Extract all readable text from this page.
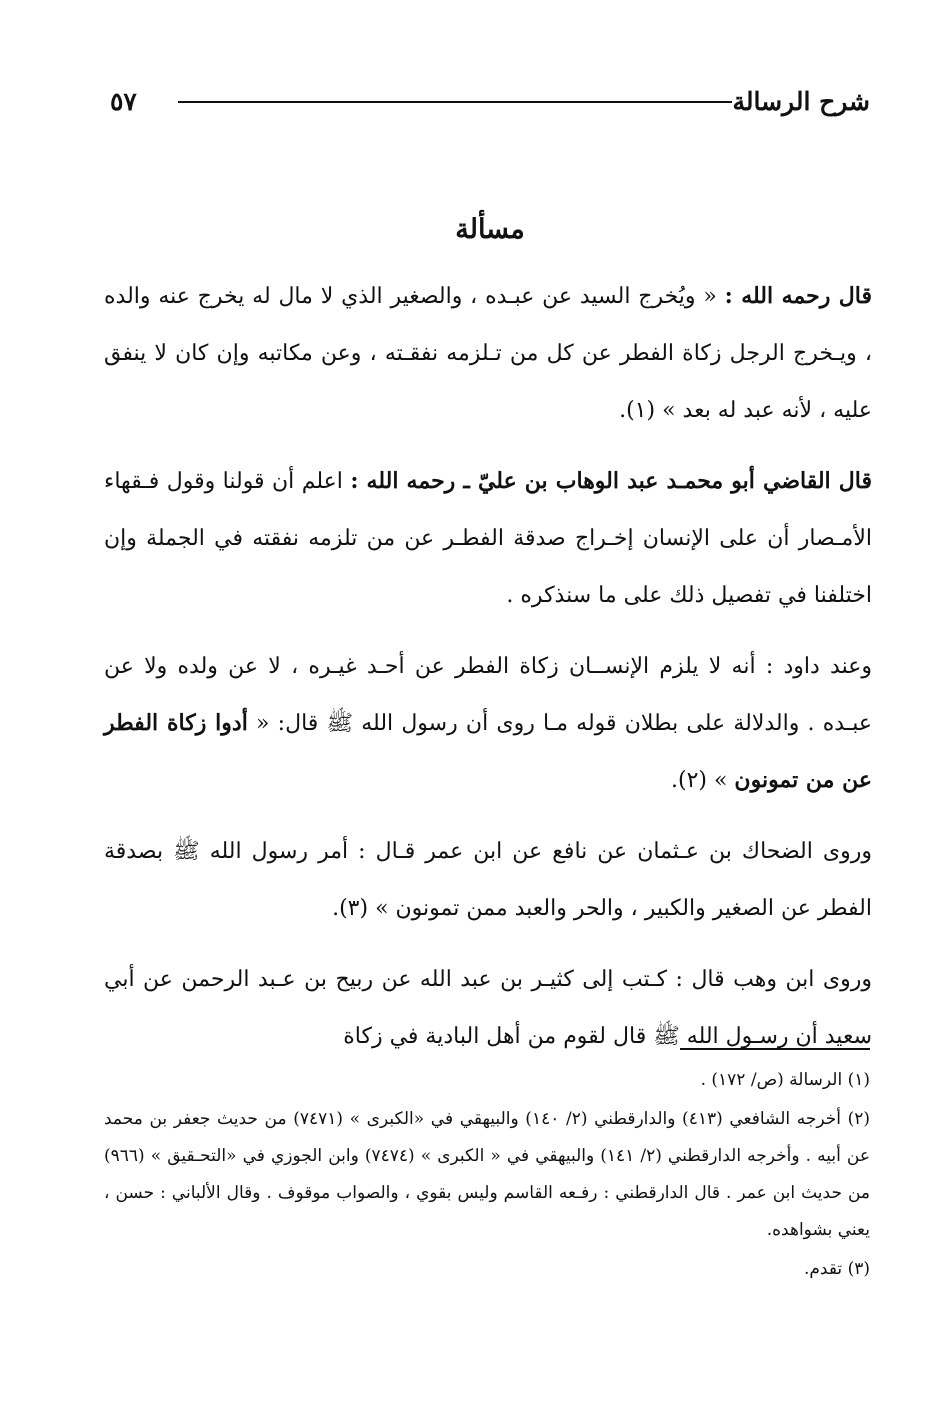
شرح الرسالة
٥٧
مسألة

قال رحمه الله : « ويُخرج السيد عن عبـده ، والصغير الذي لا مال له يخرج عنه والده ، ويـخرج الرجل زكاة الفطر عن كل من تـلزمه نفقـته ، وعن مكاتبه وإن كان لا ينفق عليه ، لأنه عبد له بعد » (١).

قال القاضي أبو محمـد عبد الوهاب بن عليّ ـ رحمه الله : اعلم أن قولنا وقول فـقهاء الأمـصار أن على الإنسان إخـراج صدقة الفطـر عن من تلزمه نفقته في الجملة وإن اختلفنا في تفصيل ذلك على ما سنذكره .

وعند داود : أنه لا يلزم الإنســان زكاة الفطر عن أحـد غيـره ، لا عن ولده ولا عن عبـده . والدلالة على بطلان قوله مـا روى أن رسول الله ﷺ قال: « أدوا زكاة الفطر عن من تمونون » (٢).

وروى الضحاك بن عـثمان عن نافع عن ابن عمر قـال : أمر رسول الله ﷺ بصدقة الفطر عن الصغير والكبير ، والحر والعبد ممن تمونون » (٣).

وروى ابن وهب قال : كـتب إلى كثيـر بن عبد الله عن ربيح بن عـبد الرحمن عن أبي سعيد أن رسـول الله ﷺ قال لقوم من أهل البادية في زكاة

(١) الرسالة (ص/ ١٧٢) .

(٢) أخرجه الشافعي (٤١٣) والدارقطني (٢/ ١٤٠) والبيهقي في «الكبرى » (٧٤٧١) من حديث جعفر بن محمد عن أبيه . وأخرجه الدارقطني (٢/ ١٤١) والبيهقي في « الكبرى » (٧٤٧٤) وابن الجوزي في «التحـقيق » (٩٦٦) من حديث ابن عمر . قال الدارقطني : رفـعه القاسم وليس بقوي ، والصواب موقوف . وقال الألباني : حسن ، يعني بشواهده.

(٣) تقدم.
